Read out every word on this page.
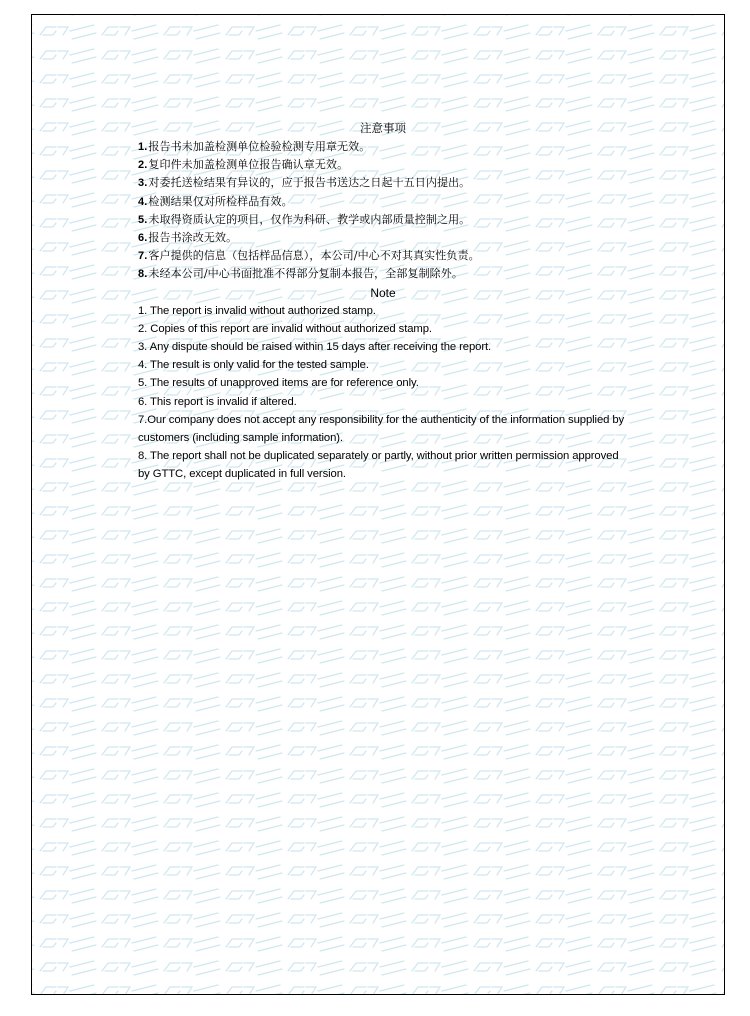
注意事项
1.报告书未加盖检测单位检验检测专用章无效。
2.复印件未加盖检测单位报告确认章无效。
3.对委托送检结果有异议的，应于报告书送达之日起十五日内提出。
4.检测结果仅对所检样品有效。
5.未取得资质认定的项目，仅作为科研、教学或内部质量控制之用。
6.报告书涂改无效。
7.客户提供的信息（包括样品信息），本公司/中心不对其真实性负责。
8.未经本公司/中心书面批准不得部分复制本报告，全部复制除外。
Note
1. The report is invalid without authorized stamp.
2. Copies of this report are invalid without authorized stamp.
3. Any dispute should be raised within 15 days after receiving the report.
4. The result is only valid for the tested sample.
5. The results of unapproved items are for reference only.
6. This report is invalid if altered.
7.Our company does not accept any responsibility for the authenticity of the information supplied by customers (including sample information).
8. The report shall not be duplicated separately or partly, without prior written permission approved by GTTC, except duplicated in full version.
